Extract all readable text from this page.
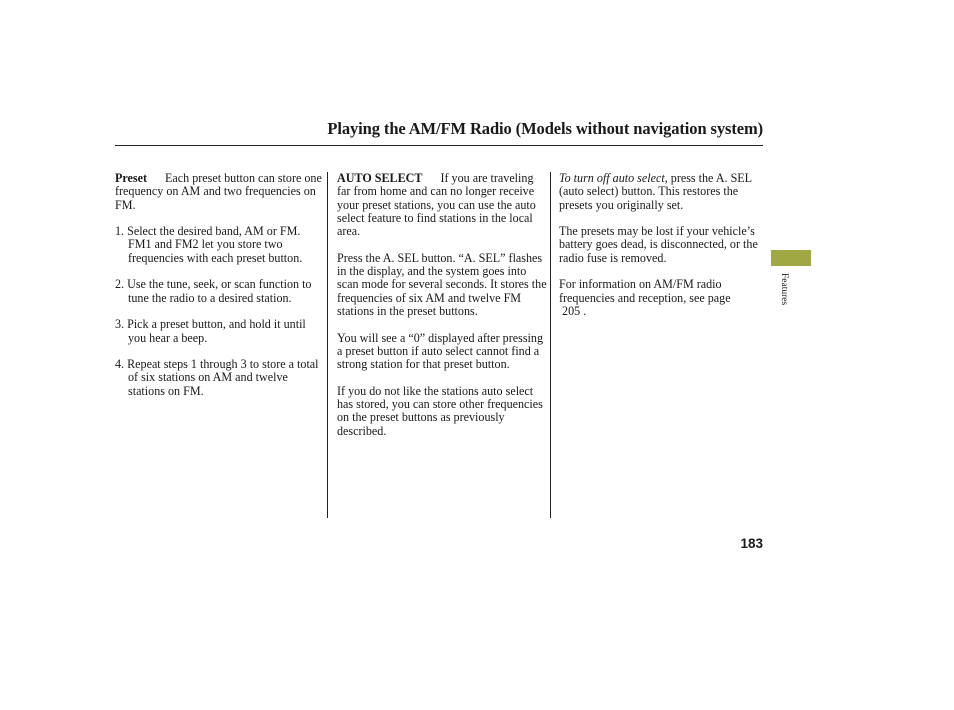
Playing the AM/FM Radio (Models without navigation system)

Preset Each preset button can store one frequency on AM and two frequencies on FM.

1. Select the desired band, AM or FM. FM1 and FM2 let you store two frequencies with each preset button.

2. Use the tune, seek, or scan function to tune the radio to a desired station.

3. Pick a preset button, and hold it until you hear a beep.

4. Repeat steps 1 through 3 to store a total of six stations on AM and twelve stations on FM.

AUTO SELECT If you are traveling far from home and can no longer receive your preset stations, you can use the auto select feature to find stations in the local area.

Press the A. SEL button. “A. SEL” flashes in the display, and the system goes into scan mode for several seconds. It stores the frequencies of six AM and twelve FM stations in the preset buttons.

You will see a “0” displayed after pressing a preset button if auto select cannot find a strong station for that preset button.

If you do not like the stations auto select has stored, you can store other frequencies on the preset buttons as previously described.

To turn off auto select, press the A. SEL (auto select) button. This restores the presets you originally set.

The presets may be lost if your vehicle’s battery goes dead, is disconnected, or the radio fuse is removed.

For information on AM/FM radio frequencies and reception, see page
205 .

Features
183
